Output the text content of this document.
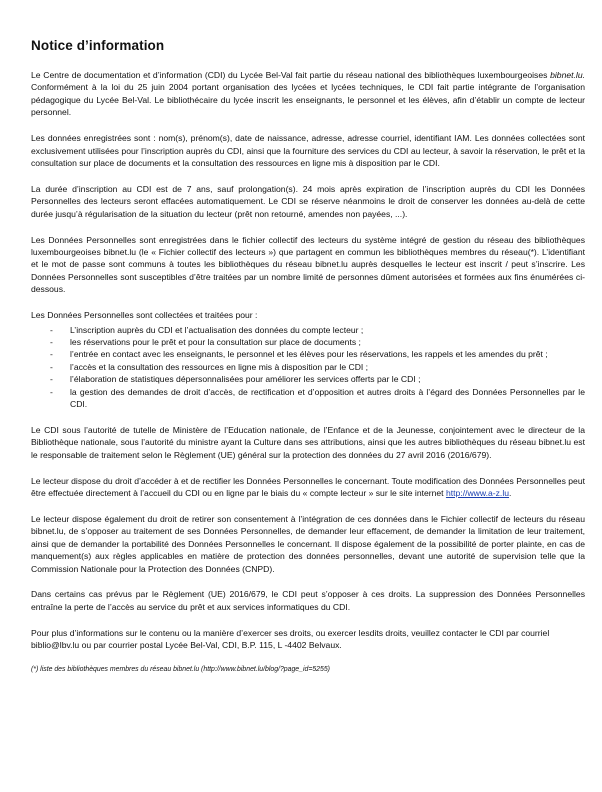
Notice d’information

Le Centre de documentation et d’information (CDI) du Lycée Bel-Val fait partie du réseau national des bibliothèques luxembourgeoises bibnet.lu. Conformément à la loi du 25 juin 2004 portant organisation des lycées et lycées techniques, le CDI fait partie intégrante de l’organisation pédagogique du Lycée Bel-Val. Le bibliothécaire du lycée inscrit les enseignants, le personnel et les élèves, afin d’établir un compte de lecteur personnel.

Les données enregistrées sont : nom(s), prénom(s), date de naissance, adresse, adresse courriel, identifiant IAM. Les données collectées sont exclusivement utilisées pour l’inscription auprès du CDI, ainsi que la fourniture des services du CDI au lecteur, à savoir la réservation, le prêt et la consultation sur place de documents et la consultation des ressources en ligne mis à disposition par le CDI.

La durée d’inscription au CDI est de 7 ans, sauf prolongation(s). 24 mois après expiration de l’inscription auprès du CDI les Données Personnelles des lecteurs seront effacées automatiquement. Le CDI se réserve néanmoins le droit de conserver les données au-delà de cette durée jusqu’à régularisation de la situation du lecteur (prêt non retourné, amendes non payées, ...).

Les Données Personnelles sont enregistrées dans le fichier collectif des lecteurs du système intégré de gestion du réseau des bibliothèques luxembourgeoises bibnet.lu (le « Fichier collectif des lecteurs ») que partagent en commun les bibliothèques membres du réseau(*). L’identifiant et le mot de passe sont communs à toutes les bibliothèques du réseau bibnet.lu auprès desquelles le lecteur est inscrit / peut s’inscrire. Les Données Personnelles sont susceptibles d’être traitées par un nombre limité de personnes dûment autorisées et formées aux fins énumérées ci-dessous.

Les Données Personnelles sont collectées et traitées pour :

- L’inscription auprès du CDI et l’actualisation des données du compte lecteur ;
- les réservations pour le prêt et pour la consultation sur place de documents ;
- l’entrée en contact avec les enseignants, le personnel et les élèves pour les réservations, les rappels et les amendes du prêt ;
- l’accès et la consultation des ressources en ligne mis à disposition par le CDI ;
- l’élaboration de statistiques dépersonnalisées pour améliorer les services offerts par le CDI ;
- la gestion des demandes de droit d’accès, de rectification et d’opposition et autres droits à l’égard des Données Personnelles par le CDI.

Le CDI sous l’autorité de tutelle de Ministère de l’Education nationale, de l’Enfance et de la Jeunesse, conjointement avec le directeur de la Bibliothèque nationale, sous l’autorité du ministre ayant la Culture dans ses attributions, ainsi que les autres bibliothèques du réseau bibnet.lu est le responsable de traitement selon le Règlement (UE) général sur la protection des données du 27 avril 2016 (2016/679).

Le lecteur dispose du droit d’accéder à et de rectifier les Données Personnelles le concernant. Toute modification des Données Personnelles peut être effectuée directement à l’accueil du CDI ou en ligne par le biais du « compte lecteur » sur le site internet http://www.a-z.lu.

Le lecteur dispose également du droit de retirer son consentement à l’intégration de ces données dans le Fichier collectif de lecteurs du réseau bibnet.lu, de s’opposer au traitement de ses Données Personnelles, de demander leur effacement, de demander la limitation de leur traitement, ainsi que de demander la portabilité des Données Personnelles le concernant. Il dispose également de la possibilité de porter plainte, en cas de manquement(s) aux règles applicables en matière de protection des données personnelles, devant une autorité de supervision telle que la Commission Nationale pour la Protection des Données (CNPD).

Dans certains cas prévus par le Règlement (UE) 2016/679, le CDI peut s’opposer à ces droits. La suppression des Données Personnelles entraîne la perte de l’accès au service du prêt et aux services informatiques du CDI.

Pour plus d’informations sur le contenu ou la manière d’exercer ses droits, ou exercer lesdits droits, veuillez contacter le CDI par courriel biblio@lbv.lu ou par courrier postal Lycée Bel-Val, CDI, B.P. 115, L -4402 Belvaux.

(*) liste des bibliothèques membres du réseau bibnet.lu (http://www.bibnet.lu/blog/?page_id=5255)
